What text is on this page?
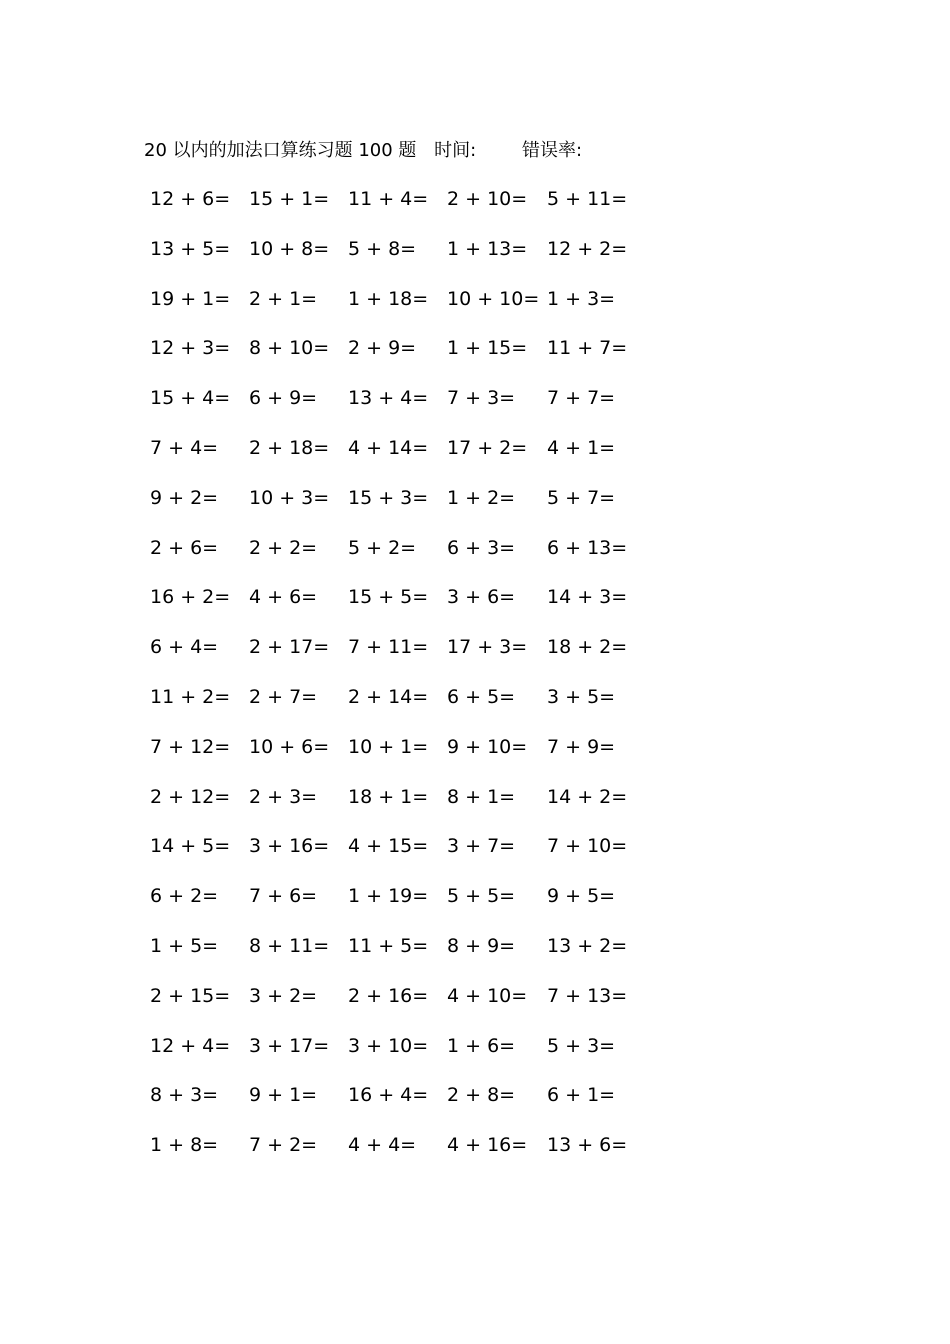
20 以内的加法口算练习题 100 题 时间:	错误率:
12 + 6= 15 + 1= 11 + 4= 2 + 10= 5 + 11=
13 + 5= 10 + 8= 5 + 8= 1 + 13= 12 + 2=
19 + 1= 2 + 1= 1 + 18= 10 + 10= 1 + 3=
12 + 3= 8 + 10= 2 + 9= 1 + 15= 11 + 7=
15 + 4= 6 + 9= 13 + 4= 7 + 3= 7 + 7=
7 + 4= 2 + 18= 4 + 14= 17 + 2= 4 + 1=
9 + 2= 10 + 3= 15 + 3= 1 + 2= 5 + 7=
2 + 6= 2 + 2= 5 + 2= 6 + 3= 6 + 13=
16 + 2= 4 + 6= 15 + 5= 3 + 6= 14 + 3=
6 + 4= 2 + 17= 7 + 11= 17 + 3= 18 + 2=
11 + 2= 2 + 7= 2 + 14= 6 + 5= 3 + 5=
7 + 12= 10 + 6= 10 + 1= 9 + 10= 7 + 9=
2 + 12= 2 + 3= 18 + 1= 8 + 1= 14 + 2=
14 + 5= 3 + 16= 4 + 15= 3 + 7= 7 + 10=
6 + 2= 7 + 6= 1 + 19= 5 + 5= 9 + 5=
1 + 5= 8 + 11= 11 + 5= 8 + 9= 13 + 2=
2 + 15= 3 + 2= 2 + 16= 4 + 10= 7 + 13=
12 + 4= 3 + 17= 3 + 10= 1 + 6= 5 + 3=
8 + 3= 9 + 1= 16 + 4= 2 + 8= 6 + 1=
1 + 8= 7 + 2= 4 + 4= 4 + 16= 13 + 6=
